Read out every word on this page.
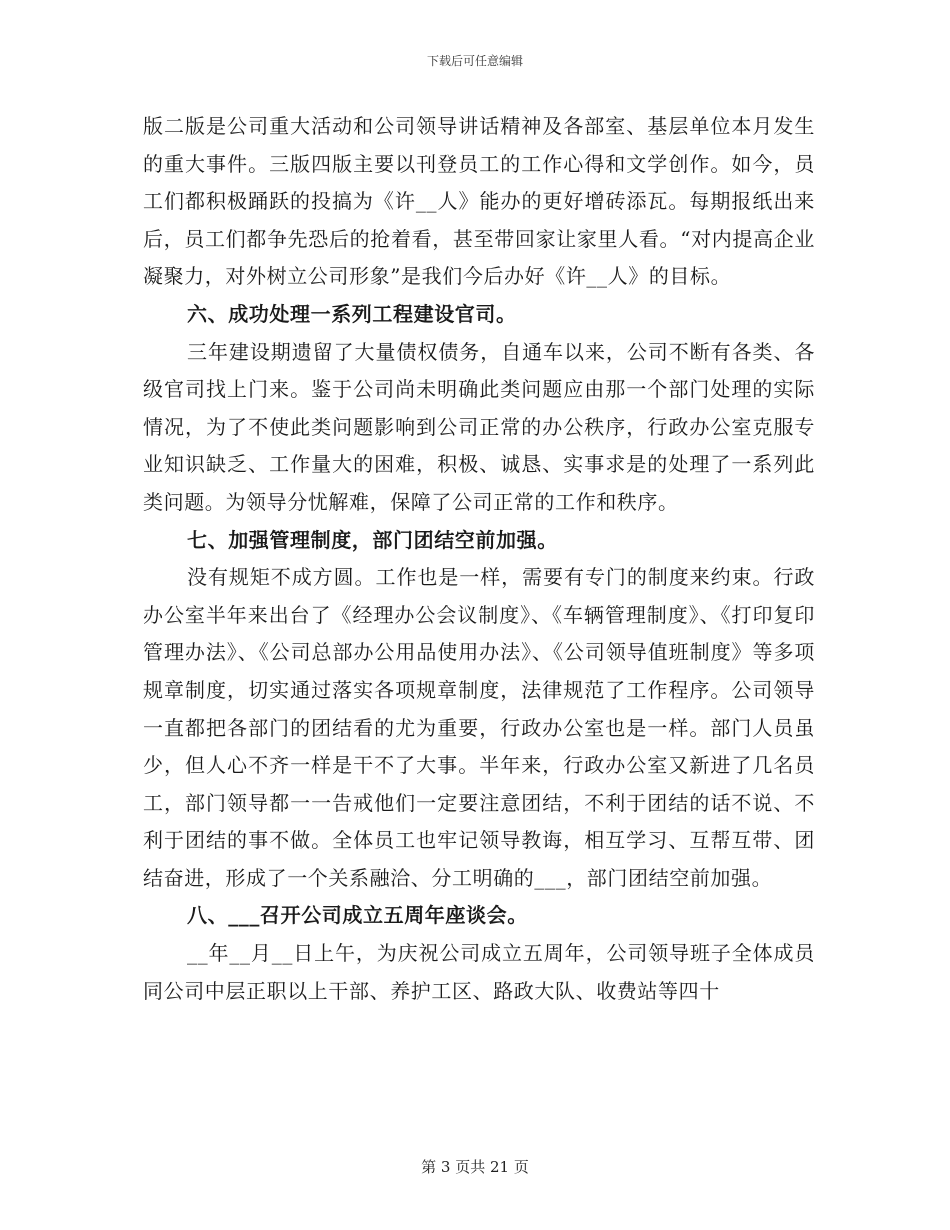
下载后可任意编辑

版二版是公司重大活动和公司领导讲话精神及各部室、基层单位本月发生的重大事件。三版四版主要以刊登员工的工作心得和文学创作。如今，员工们都积极踊跃的投搞为《许__人》能办的更好增砖添瓦。每期报纸出来后，员工们都争先恐后的抢着看，甚至带回家让家里人看。“对内提高企业凝聚力，对外树立公司形象”是我们今后办好《许__人》的目标。

六、成功处理一系列工程建设官司。

三年建设期遗留了大量债权债务，自通车以来，公司不断有各类、各级官司找上门来。鉴于公司尚未明确此类问题应由那一个部门处理的实际情况，为了不使此类问题影响到公司正常的办公秩序，行政办公室克服专业知识缺乏、工作量大的困难，积极、诚恳、实事求是的处理了一系列此类问题。为领导分忧解难，保障了公司正常的工作和秩序。

七、加强管理制度，部门团结空前加强。

没有规矩不成方圆。工作也是一样，需要有专门的制度来约束。行政办公室半年来出台了《经理办公会议制度》、《车辆管理制度》、《打印复印管理办法》、《公司总部办公用品使用办法》、《公司领导值班制度》等多项规章制度，切实通过落实各项规章制度，法律规范了工作程序。公司领导一直都把各部门的团结看的尤为重要，行政办公室也是一样。部门人员虽少，但人心不齐一样是干不了大事。半年来，行政办公室又新进了几名员工，部门领导都一一告戒他们一定要注意团结，不利于团结的话不说、不利于团结的事不做。全体员工也牢记领导教诲，相互学习、互帮互带、团结奋进，形成了一个关系融洽、分工明确的___，部门团结空前加强。

八、___召开公司成立五周年座谈会。

__年__月__日上午，为庆祝公司成立五周年，公司领导班子全体成员同公司中层正职以上干部、养护工区、路政大队、收费站等四十

第 3 页共 21 页
